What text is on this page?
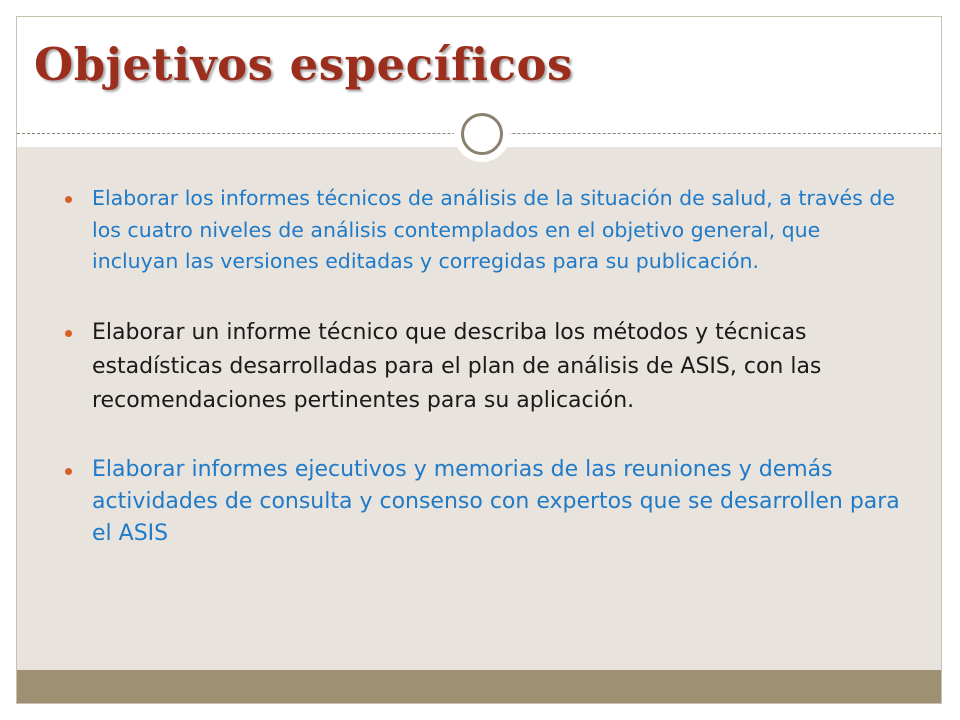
Objetivos específicos
Elaborar los informes técnicos de análisis de la situación de salud, a través de los cuatro niveles de análisis contemplados en el objetivo general, que incluyan las versiones editadas y corregidas para su publicación.
Elaborar un informe técnico que describa los métodos y técnicas estadísticas desarrolladas para el plan de análisis de ASIS, con las recomendaciones pertinentes para su aplicación.
Elaborar informes ejecutivos y memorias de las reuniones y demás actividades de consulta y consenso con expertos que se desarrollen para el ASIS
